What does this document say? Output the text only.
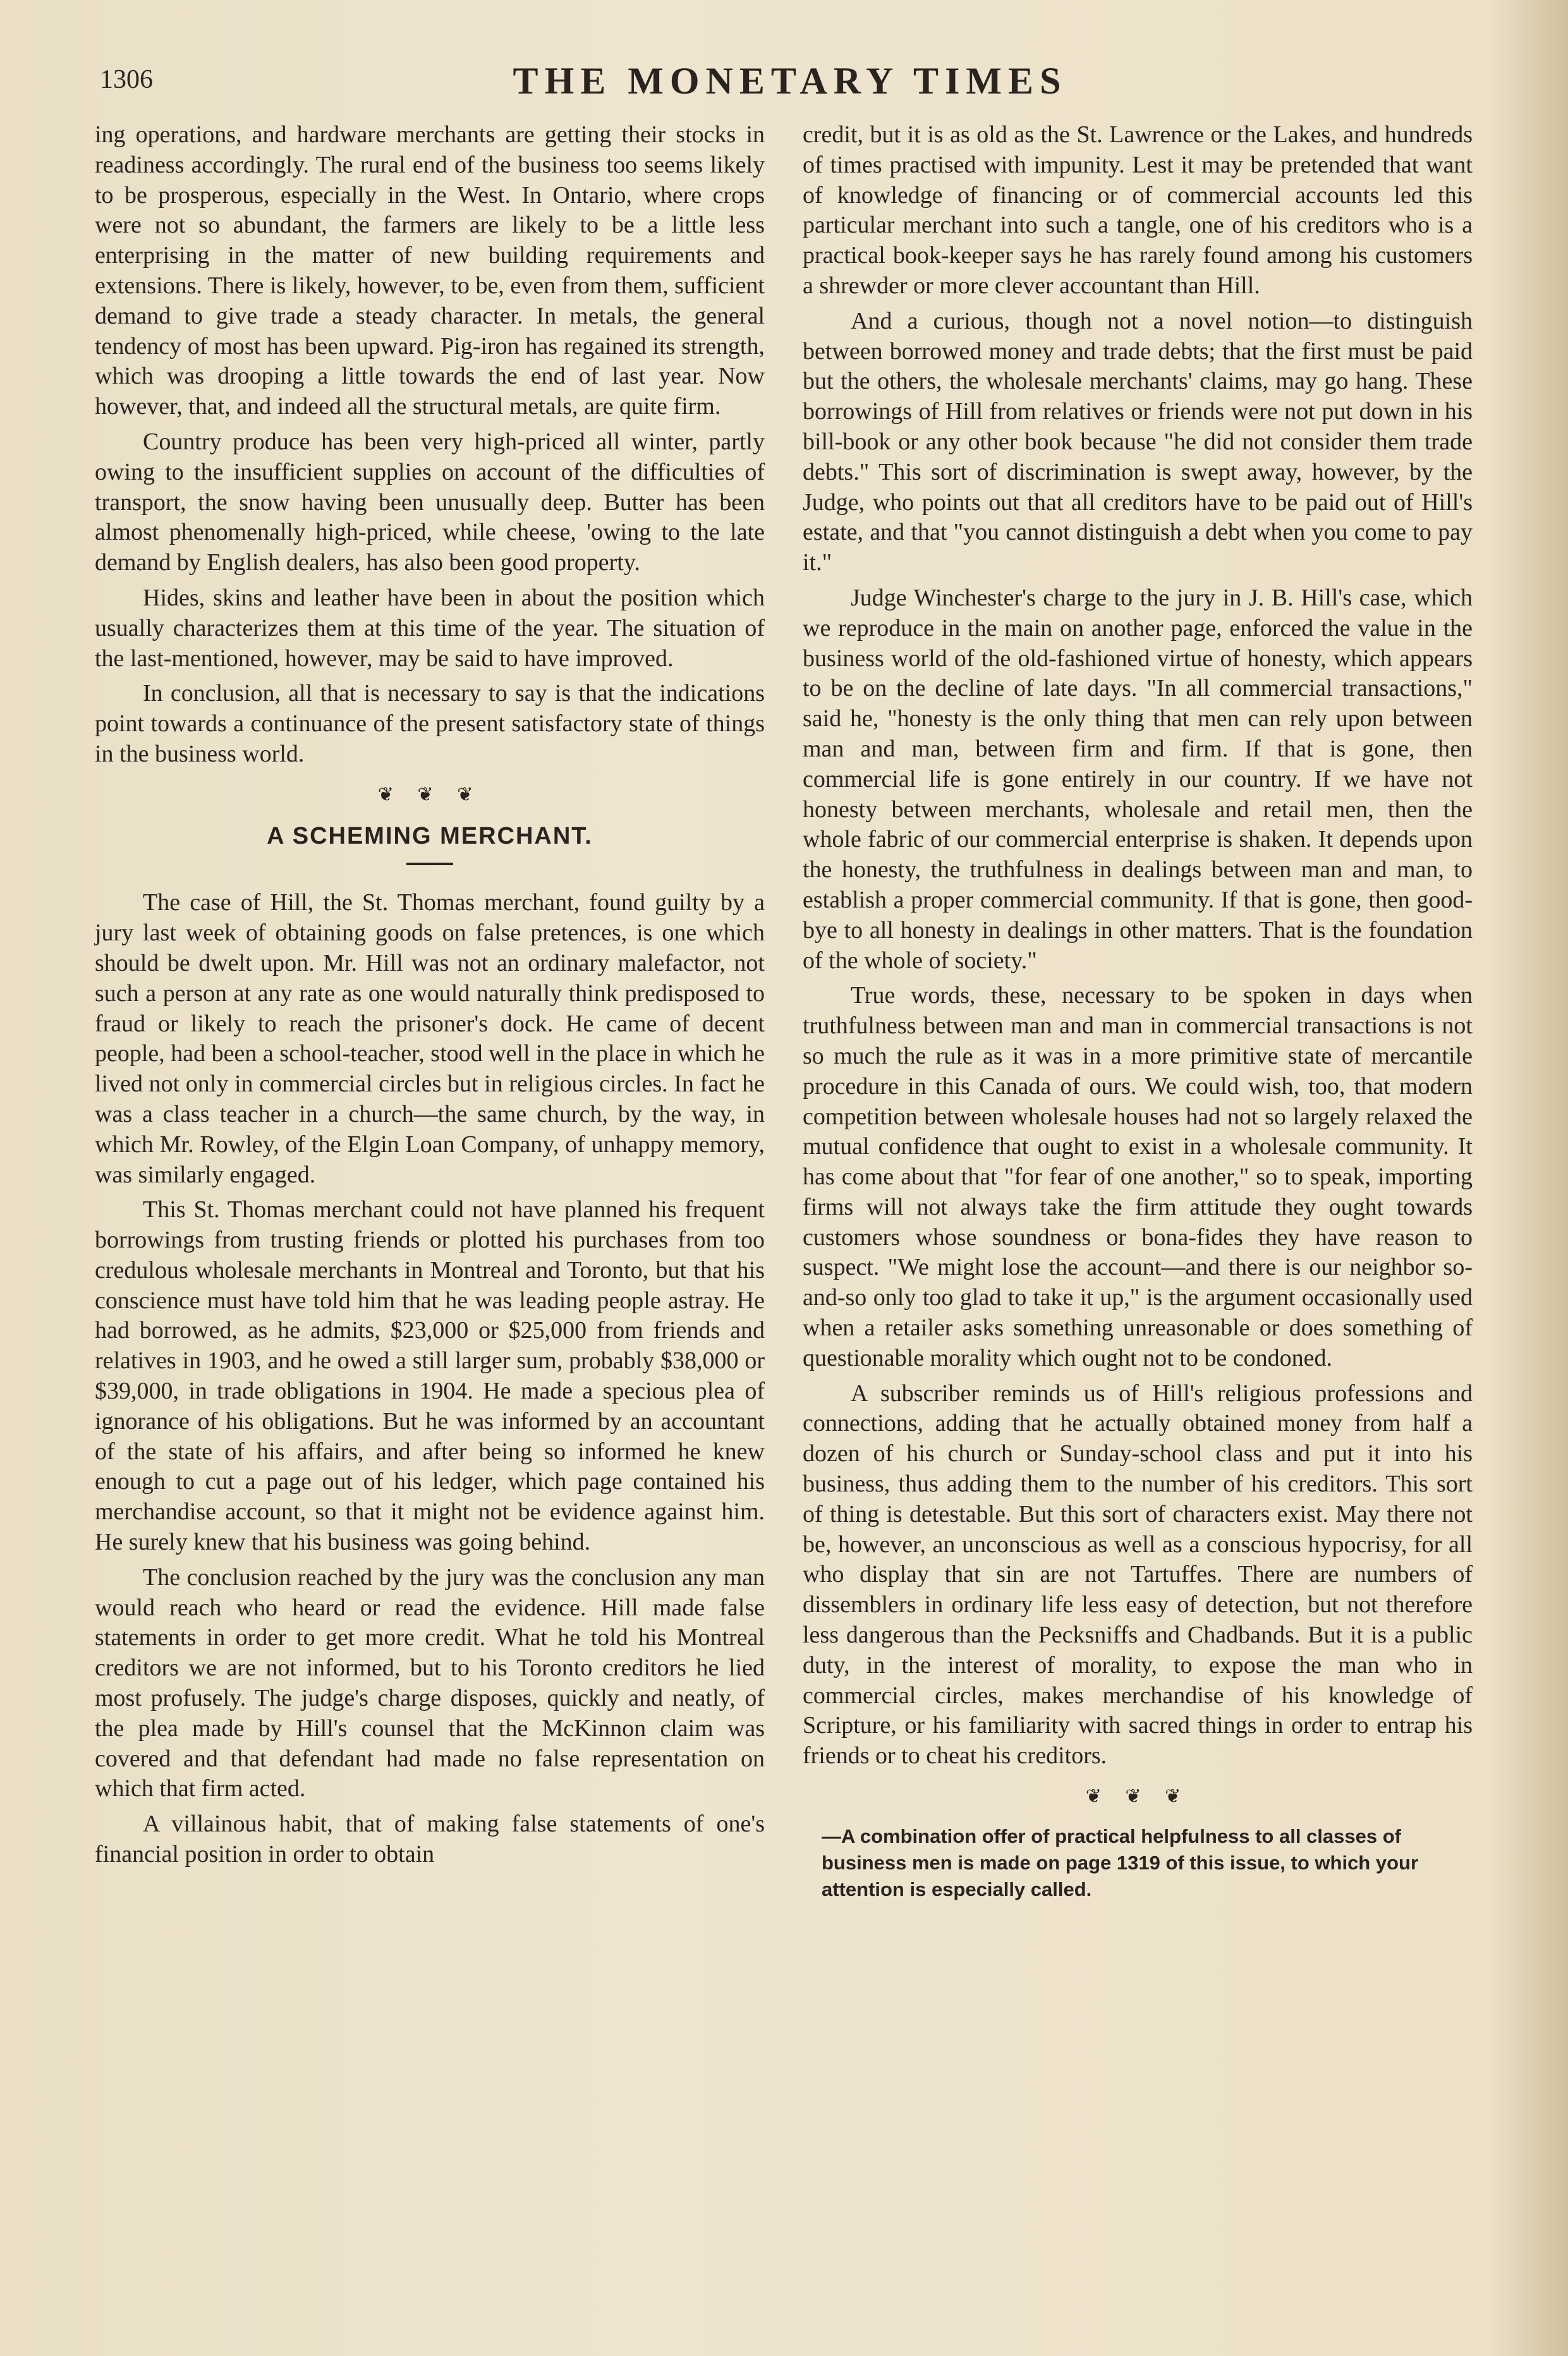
1306	THE MONETARY TIMES

ing operations, and hardware merchants are getting their stocks in readiness accordingly. The rural end of the business too seems likely to be prosperous, especially in the West. In Ontario, where crops were not so abundant, the farmers are likely to be a little less enterprising in the matter of new building requirements and extensions. There is likely, however, to be, even from them, sufficient demand to give trade a steady character. In metals, the general tendency of most has been upward. Pig-iron has regained its strength, which was drooping a little towards the end of last year. Now however, that, and indeed all the structural metals, are quite firm.

Country produce has been very high-priced all winter, partly owing to the insufficient supplies on account of the difficulties of transport, the snow having been unusually deep. Butter has been almost phenomenally high-priced, while cheese, 'owing to the late demand by English dealers, has also been good property.

Hides, skins and leather have been in about the position which usually characterizes them at this time of the year. The situation of the last-mentioned, however, may be said to have improved.

In conclusion, all that is necessary to say is that the indications point towards a continuance of the present satisfactory state of things in the business world.

❦ ❦ ❦
A SCHEMING MERCHANT.

The case of Hill, the St. Thomas merchant, found guilty by a jury last week of obtaining goods on false pretences, is one which should be dwelt upon. Mr. Hill was not an ordinary malefactor, not such a person at any rate as one would naturally think predisposed to fraud or likely to reach the prisoner's dock. He came of decent people, had been a school-teacher, stood well in the place in which he lived not only in commercial circles but in religious circles. In fact he was a class teacher in a church—the same church, by the way, in which Mr. Rowley, of the Elgin Loan Company, of unhappy memory, was similarly engaged.

This St. Thomas merchant could not have planned his frequent borrowings from trusting friends or plotted his purchases from too credulous wholesale merchants in Montreal and Toronto, but that his conscience must have told him that he was leading people astray. He had borrowed, as he admits, $23,000 or $25,000 from friends and relatives in 1903, and he owed a still larger sum, probably $38,000 or $39,000, in trade obligations in 1904. He made a specious plea of ignorance of his obligations. But he was informed by an accountant of the state of his affairs, and after being so informed he knew enough to cut a page out of his ledger, which page contained his merchandise account, so that it might not be evidence against him. He surely knew that his business was going behind.

The conclusion reached by the jury was the conclusion any man would reach who heard or read the evidence. Hill made false statements in order to get more credit. What he told his Montreal creditors we are not informed, but to his Toronto creditors he lied most profusely. The judge's charge disposes, quickly and neatly, of the plea made by Hill's counsel that the McKinnon claim was covered and that defendant had made no false representation on which that firm acted.

A villainous habit, that of making false statements of one's financial position in order to obtain

credit, but it is as old as the St. Lawrence or the Lakes, and hundreds of times practised with impunity. Lest it may be pretended that want of knowledge of financing or of commercial accounts led this particular merchant into such a tangle, one of his creditors who is a practical book-keeper says he has rarely found among his customers a shrewder or more clever accountant than Hill.

And a curious, though not a novel notion—to distinguish between borrowed money and trade debts; that the first must be paid but the others, the wholesale merchants' claims, may go hang. These borrowings of Hill from relatives or friends were not put down in his bill-book or any other book because "he did not consider them trade debts." This sort of discrimination is swept away, however, by the Judge, who points out that all creditors have to be paid out of Hill's estate, and that "you cannot distinguish a debt when you come to pay it."

Judge Winchester's charge to the jury in J. B. Hill's case, which we reproduce in the main on another page, enforced the value in the business world of the old-fashioned virtue of honesty, which appears to be on the decline of late days. "In all commercial transactions," said he, "honesty is the only thing that men can rely upon between man and man, between firm and firm. If that is gone, then commercial life is gone entirely in our country. If we have not honesty between merchants, wholesale and retail men, then the whole fabric of our commercial enterprise is shaken. It depends upon the honesty, the truthfulness in dealings between man and man, to establish a proper commercial community. If that is gone, then good-bye to all honesty in dealings in other matters. That is the foundation of the whole of society."

True words, these, necessary to be spoken in days when truthfulness between man and man in commercial transactions is not so much the rule as it was in a more primitive state of mercantile procedure in this Canada of ours. We could wish, too, that modern competition between wholesale houses had not so largely relaxed the mutual confidence that ought to exist in a wholesale community. It has come about that "for fear of one another," so to speak, importing firms will not always take the firm attitude they ought towards customers whose soundness or bona-fides they have reason to suspect. "We might lose the account—and there is our neighbor so-and-so only too glad to take it up," is the argument occasionally used when a retailer asks something unreasonable or does something of questionable morality which ought not to be condoned.

A subscriber reminds us of Hill's religious professions and connections, adding that he actually obtained money from half a dozen of his church or Sunday-school class and put it into his business, thus adding them to the number of his creditors. This sort of thing is detestable. But this sort of characters exist. May there not be, however, an unconscious as well as a conscious hypocrisy, for all who display that sin are not Tartuffes. There are numbers of dissemblers in ordinary life less easy of detection, but not therefore less dangerous than the Pecksniffs and Chadbands. But it is a public duty, in the interest of morality, to expose the man who in commercial circles, makes merchandise of his knowledge of Scripture, or his familiarity with sacred things in order to entrap his friends or to cheat his creditors.

❦ ❦ ❦
—A combination offer of practical helpfulness to all classes of business men is made on page 1319 of this issue, to which your attention is especially called.
